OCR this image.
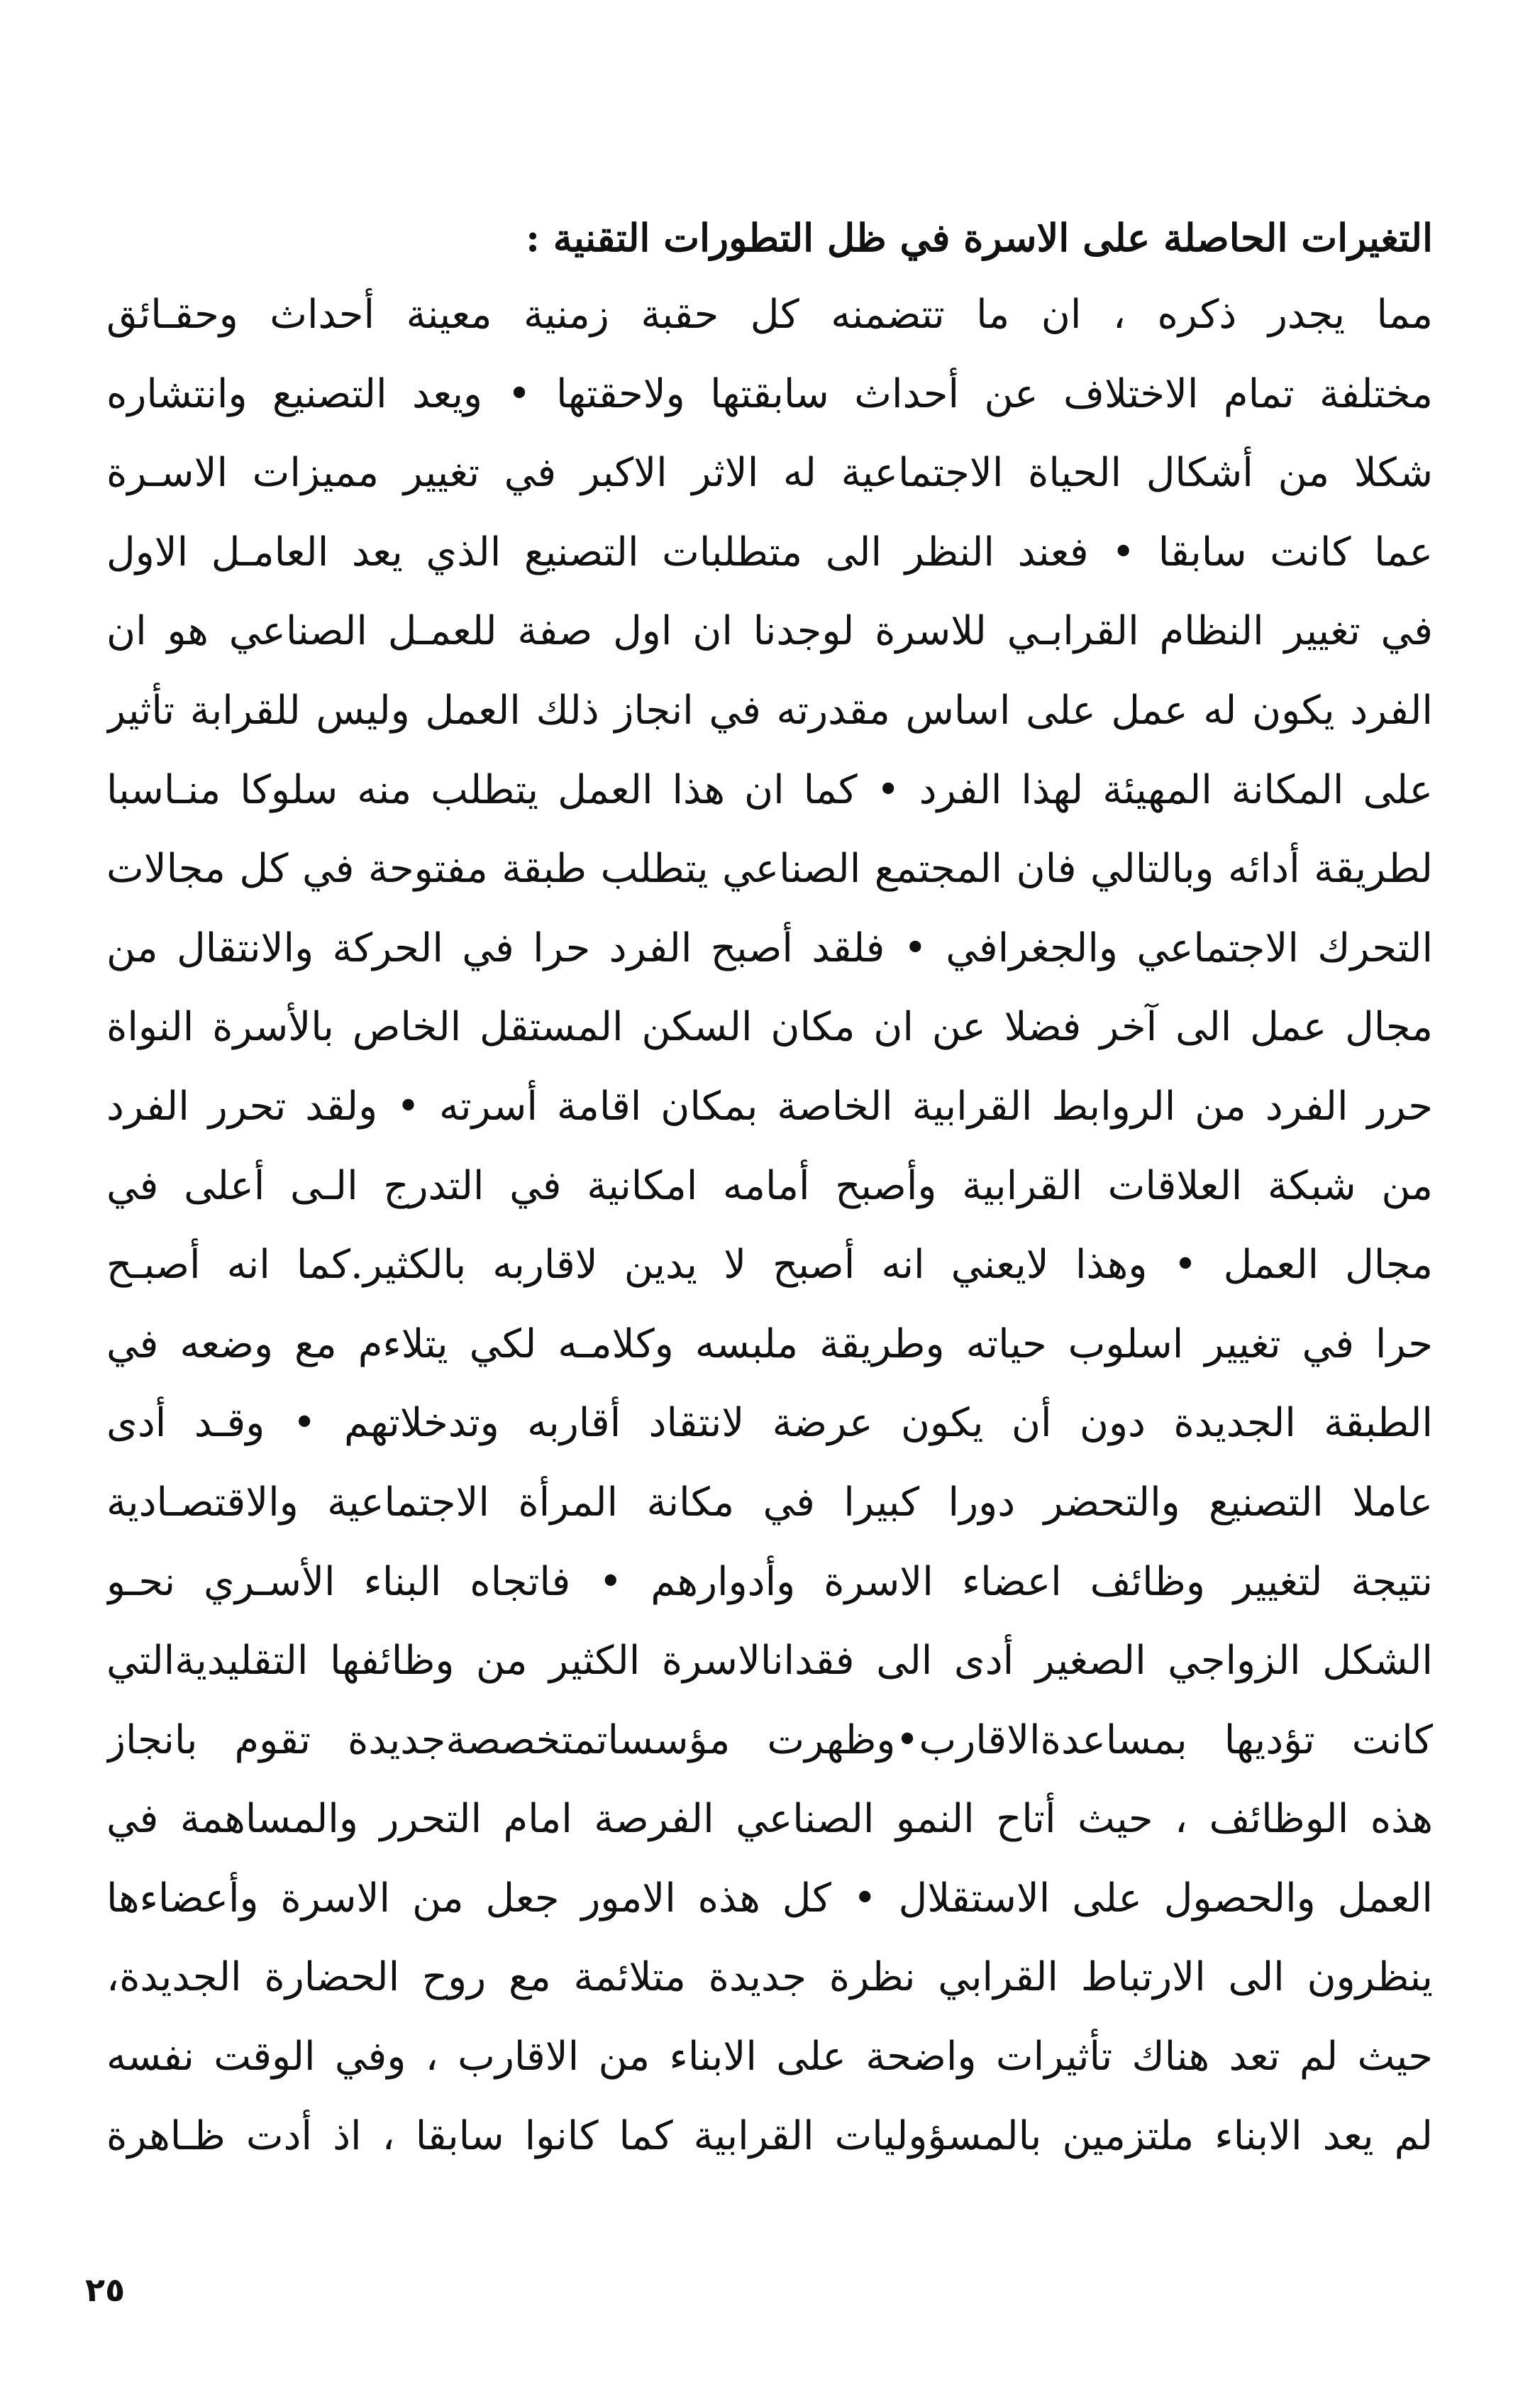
التغيرات الحاصلة على الاسرة في ظل التطورات التقنية :
مما يجدر ذكره ، ان ما تتضمنه كل حقبة زمنية معينة أحداث وحقـائق
مختلفة تمام الاختلاف عن أحداث سابقتها ولاحقتها • ويعد التصنيع وانتشاره
شكلا من أشكال الحياة الاجتماعية له الاثر الاكبر في تغيير مميزات الاسـرة
عما كانت سابقا • فعند النظر الى متطلبات التصنيع الذي يعد العامـل الاول
في تغيير النظام القرابـي للاسرة لوجدنا ان اول صفة للعمـل الصناعي هو ان
الفرد يكون له عمل على اساس مقدرته في انجاز ذلك العمل وليس للقرابة تأثير
على المكانة المهيئة لهذا الفرد • كما ان هذا العمل يتطلب منه سلوكا منـاسبا
لطريقة أدائه وبالتالي فان المجتمع الصناعي يتطلب طبقة مفتوحة في كل مجالات
التحرك الاجتماعي والجغرافي • فلقد أصبح الفرد حرا في الحركة والانتقال من
مجال عمل الى آخر فضلا عن ان مكان السكن المستقل الخاص بالأسرة النواة
حرر الفرد من الروابط القرابية الخاصة بمكان اقامة أسرته • ولقد تحرر الفرد
من شبكة العلاقات القرابية وأصبح أمامه امكانية في التدرج الـى أعلى في
مجال العمل • وهذا لايعني انه أصبح لا يدين لاقاربه بالكثير.كما انه أصبـح
حرا في تغيير اسلوب حياته وطريقة ملبسه وكلامـه لكي يتلاءم مع وضعه في
الطبقة الجديدة دون أن يكون عرضة لانتقاد أقاربه وتدخلاتهم • وقـد أدى
عاملا التصنيع والتحضر دورا كبيرا في مكانة المرأة الاجتماعية والاقتصـادية
نتيجة لتغيير وظائف اعضاء الاسرة وأدوارهم • فاتجاه البناء الأسـري نحـو
الشكل الزواجي الصغير أدى الى فقدانالاسرة الكثير من وظائفها التقليديةالتي
كانت تؤديها بمساعدةالاقارب•وظهرت مؤسساتمتخصصةجديدة تقوم بانجاز
هذه الوظائف ، حيث أتاح النمو الصناعي الفرصة امام التحرر والمساهمة في
العمل والحصول على الاستقلال • كل هذه الامور جعل من الاسرة وأعضاءها
ينظرون الى الارتباط القرابي نظرة جديدة متلائمة مع روح الحضارة الجديدة،
حيث لم تعد هناك تأثيرات واضحة على الابناء من الاقارب ، وفي الوقت نفسه
لم يعد الابناء ملتزمين بالمسؤوليات القرابية كما كانوا سابقا ، اذ أدت ظـاهرة
٢٥
